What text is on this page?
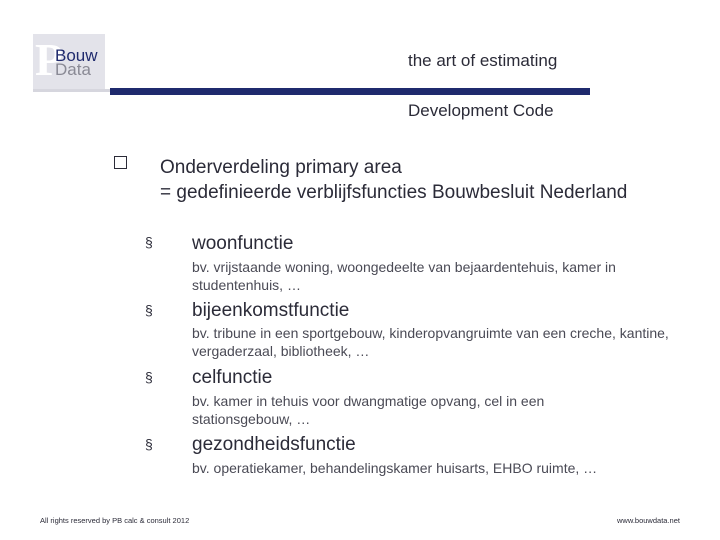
P
Bouw
Data	the art of estimating
Development Code
Onderverdeling primary area
= gedefinieerde verblijfsfuncties Bouwbesluit Nederland
§ woonfunctie
bv. vrijstaande woning, woongedeelte van bejaardentehuis, kamer in studentenhuis, …
§ bijeenkomstfunctie
bv. tribune in een sportgebouw, kinderopvangruimte van een creche, kantine, vergaderzaal, bibliotheek, …
§ celfunctie
bv. kamer in tehuis voor dwangmatige opvang, cel in een stationsgebouw, …
§ gezondheidsfunctie
bv. operatiekamer, behandelingskamer huisarts, EHBO ruimte, …
All rights reserved by PB calc & consult 2012	www.bouwdata.net
